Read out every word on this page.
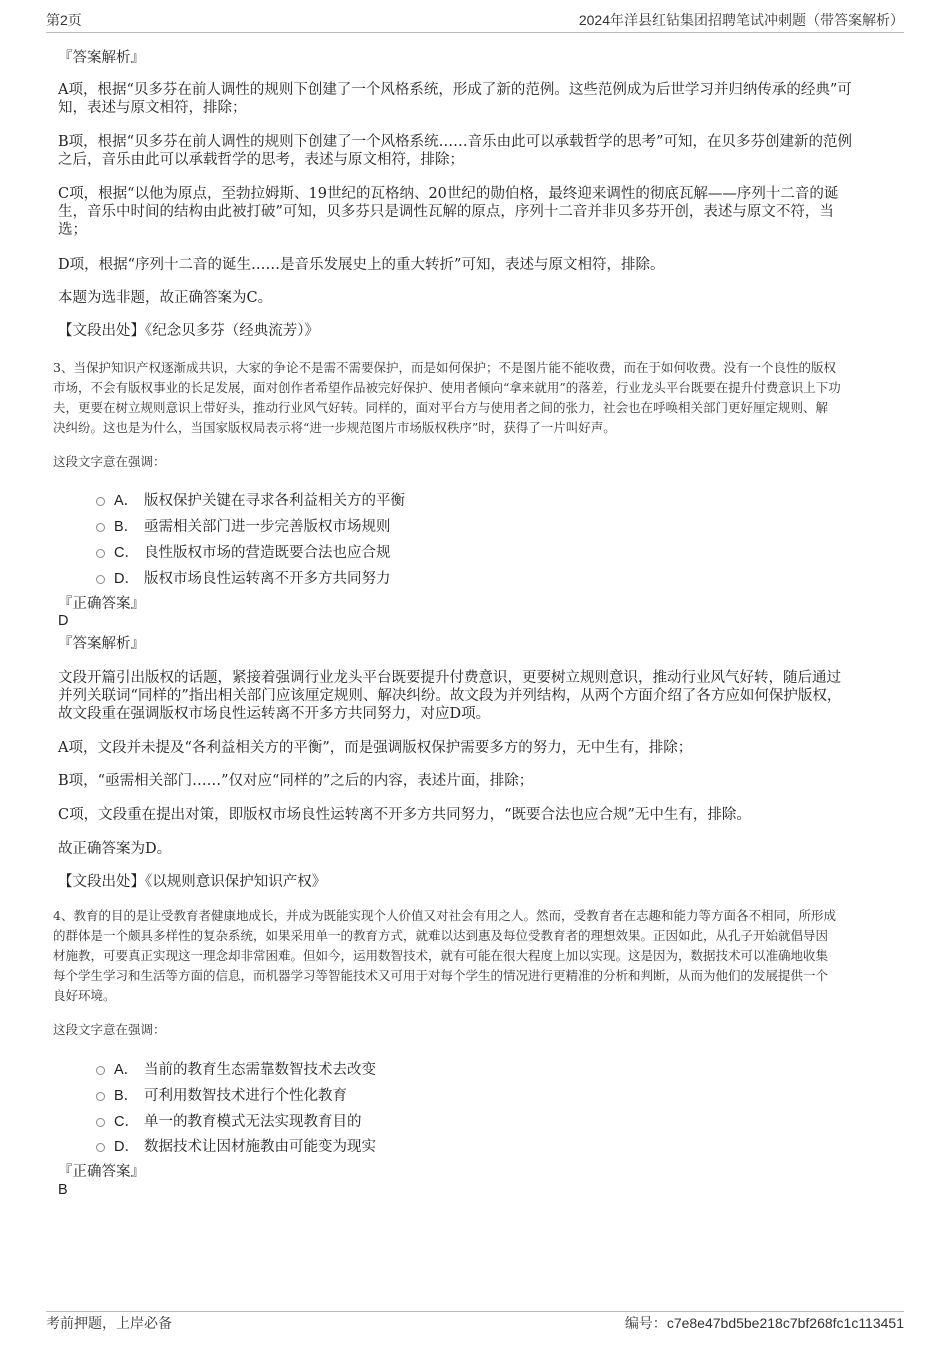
第2页	2024年洋县红钻集团招聘笔试冲刺题（带答案解析）
『答案解析』
A项，根据“贝多芬在前人调性的规则下创建了一个风格系统，形成了新的范例。这些范例成为后世学习并归纳传承的经典”可
知，表述与原文相符，排除；
B项，根据“贝多芬在前人调性的规则下创建了一个风格系统……音乐由此可以承载哲学的思考”可知，在贝多芬创建新的范例
之后，音乐由此可以承载哲学的思考，表述与原文相符，排除；
C项，根据“以他为原点，至勃拉姆斯、19世纪的瓦格纳、20世纪的勋伯格，最终迎来调性的彻底瓦解——序列十二音的诞
生，音乐中时间的结构由此被打破”可知，贝多芬只是调性瓦解的原点，序列十二音并非贝多芬开创，表述与原文不符，当
选；
D项，根据“序列十二音的诞生……是音乐发展史上的重大转折”可知，表述与原文相符，排除。
本题为选非题，故正确答案为C。
【文段出处】《纪念贝多芬（经典流芳）》
3、当保护知识产权逐渐成共识，大家的争论不是需不需要保护，而是如何保护；不是图片能不能收费，而在于如何收费。没有一个良性的版权
市场，不会有版权事业的长足发展，面对创作者希望作品被完好保护、使用者倾向“拿来就用”的落差，行业龙头平台既要在提升付费意识上下功
夫，更要在树立规则意识上带好头，推动行业风气好转。同样的，面对平台方与使用者之间的张力，社会也在呼唤相关部门更好厘定规则、解
决纠纷。这也是为什么，当国家版权局表示将“进一步规范图片市场版权秩序”时，获得了一片叫好声。
这段文字意在强调：
A． 版权保护关键在寻求各利益相关方的平衡
B． 亟需相关部门进一步完善版权市场规则
C． 良性版权市场的营造既要合法也应合规
D． 版权市场良性运转离不开多方共同努力
『正确答案』
D
『答案解析』
文段开篇引出版权的话题，紧接着强调行业龙头平台既要提升付费意识，更要树立规则意识，推动行业风气好转，随后通过
并列关联词“同样的”指出相关部门应该厘定规则、解决纠纷。故文段为并列结构，从两个方面介绍了各方应如何保护版权，
故文段重在强调版权市场良性运转离不开多方共同努力，对应D项。
A项，文段并未提及“各利益相关方的平衡”，而是强调版权保护需要多方的努力，无中生有，排除；
B项，“亟需相关部门……”仅对应“同样的”之后的内容，表述片面，排除；
C项，文段重在提出对策，即版权市场良性运转离不开多方共同努力，“既要合法也应合规”无中生有，排除。
故正确答案为D。
【文段出处】《以规则意识保护知识产权》
4、教育的目的是让受教育者健康地成长，并成为既能实现个人价值又对社会有用之人。然而，受教育者在志趣和能力等方面各不相同，所形成
的群体是一个颇具多样性的复杂系统，如果采用单一的教育方式，就难以达到惠及每位受教育者的理想效果。正因如此，从孔子开始就倡导因
材施教，可要真正实现这一理念却非常困难。但如今，运用数智技术，就有可能在很大程度上加以实现。这是因为，数据技术可以准确地收集
每个学生学习和生活等方面的信息，而机器学习等智能技术又可用于对每个学生的情况进行更精准的分析和判断，从而为他们的发展提供一个
良好环境。
这段文字意在强调：
A． 当前的教育生态需靠数智技术去改变
B． 可利用数智技术进行个性化教育
C． 单一的教育模式无法实现教育目的
D． 数据技术让因材施教由可能变为现实
『正确答案』
B
考前押题，上岸必备	编号：c7e8e47bd5be218c7bf268fc1c113451
